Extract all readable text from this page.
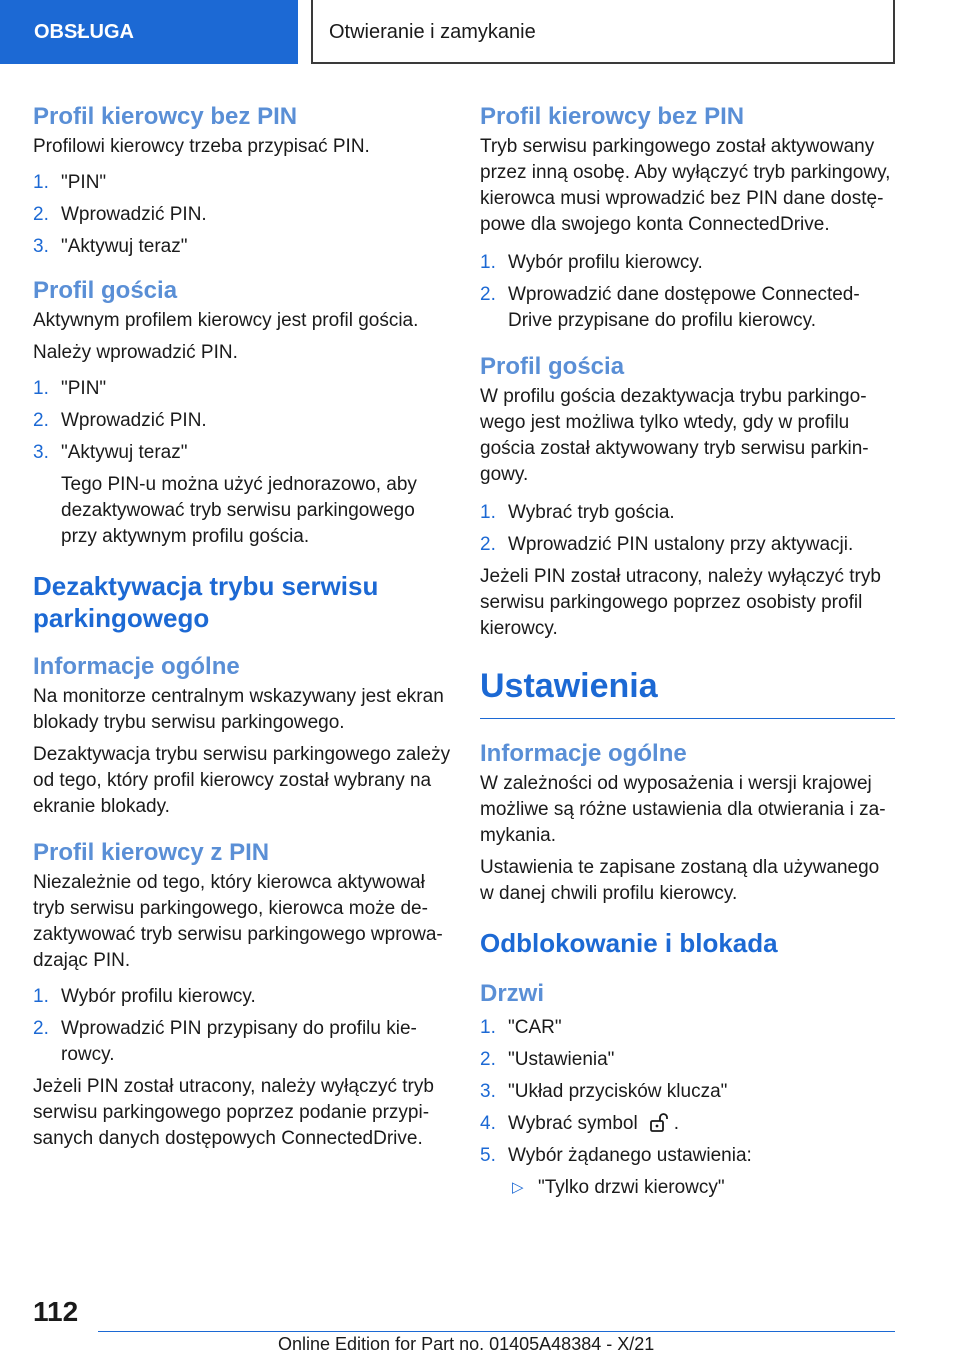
OBSŁUGA	Otwieranie i zamykanie
Profil kierowcy bez PIN

Profilowi kierowcy trzeba przypisać PIN.

1. "PIN"
2. Wprowadzić PIN.
3. "Aktywuj teraz"
Profil gościa

Aktywnym profilem kierowcy jest profil gościa.

Należy wprowadzić PIN.

1. "PIN"
2. Wprowadzić PIN.
3. "Aktywuj teraz"
Tego PIN-u można użyć jednorazowo, aby dezaktywować tryb serwisu parkingowego przy aktywnym profilu gościa.
Dezaktywacja trybu serwisu parkingowego
Informacje ogólne

Na monitorze centralnym wskazywany jest ekran blokady trybu serwisu parkingowego.

Dezaktywacja trybu serwisu parkingowego zależy od tego, który profil kierowcy został wybrany na ekranie blokady.

Profil kierowcy z PIN

Niezależnie od tego, który kierowca aktywował tryb serwisu parkingowego, kierowca może dezaktywować tryb serwisu parkingowego wprowadzając PIN.

1. Wybór profilu kierowcy.
2. Wprowadzić PIN przypisany do profilu kierowcy.

Jeżeli PIN został utracony, należy wyłączyć tryb serwisu parkingowego poprzez podanie przypisanych danych dostępowych ConnectedDrive.

Profil kierowcy bez PIN

Tryb serwisu parkingowego został aktywowany przez inną osobę. Aby wyłączyć tryb parkingowy, kierowca musi wprowadzić bez PIN dane dostępowe dla swojego konta ConnectedDrive.

1. Wybór profilu kierowcy.
2. Wprowadzić dane dostępowe ConnectedDrive przypisane do profilu kierowcy.
Profil gościa

W profilu gościa dezaktywacja trybu parkingowego jest możliwa tylko wtedy, gdy w profilu gościa został aktywowany tryb serwisu parkingowy.

1. Wybrać tryb gościa.
2. Wprowadzić PIN ustalony przy aktywacji.

Jeżeli PIN został utracony, należy wyłączyć tryb serwisu parkingowego poprzez osobisty profil kierowcy.

Ustawienia
Informacje ogólne

W zależności od wyposażenia i wersji krajowej możliwe są różne ustawienia dla otwierania i zamykania.

Ustawienia te zapisane zostaną dla używanego w danej chwili profilu kierowcy.

Odblokowanie i blokada
Drzwi
1. "CAR"
2. "Ustawienia"
3. "Układ przycisków klucza"
4. Wybrać symbol .
5. Wybór żądanego ustawienia:
▷ "Tylko drzwi kierowcy"
112
Online Edition for Part no. 01405A48384 - X/21
